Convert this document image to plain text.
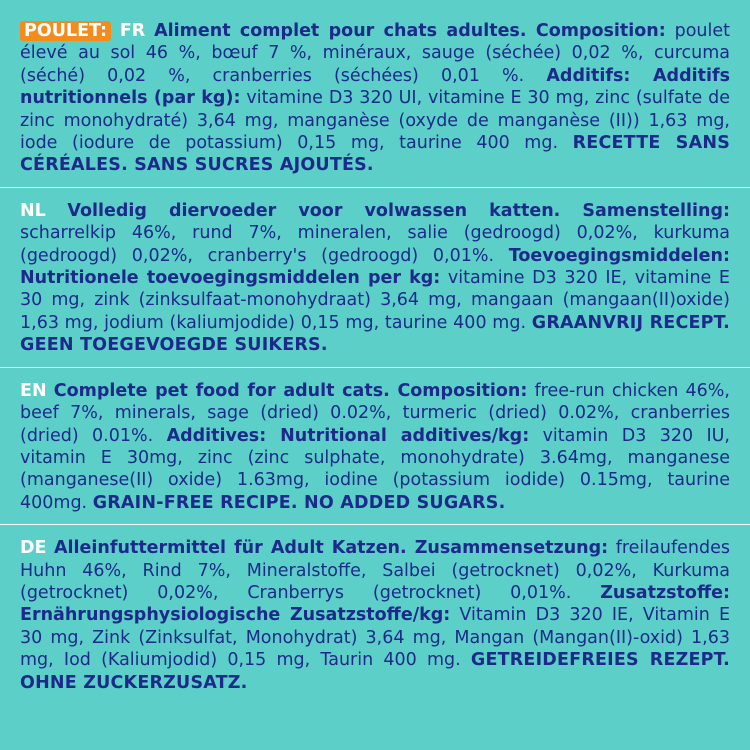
POULET: FR Aliment complet pour chats adultes. Composition: poulet élevé au sol 46 %, bœuf 7 %, minéraux, sauge (séchée) 0,02 %, curcuma (séché) 0,02 %, cranberries (séchées) 0,01 %. Additifs: Additifs nutritionnels (par kg): vitamine D3 320 UI, vitamine E 30 mg, zinc (sulfate de zinc monohydraté) 3,64 mg, manganèse (oxyde de manganèse (II)) 1,63 mg, iode (iodure de potassium) 0,15 mg, taurine 400 mg. RECETTE SANS CÉRÉALES. SANS SUCRES AJOUTÉS.
NL Volledig diervoeder voor volwassen katten. Samenstelling: scharrelkip 46%, rund 7%, mineralen, salie (gedroogd) 0,02%, kurkuma (gedroogd) 0,02%, cranberry's (gedroogd) 0,01%. Toevoegingsmiddelen: Nutritionele toevoegingsmiddelen per kg: vitamine D3 320 IE, vitamine E 30 mg, zink (zinksulfaat-monohydraat) 3,64 mg, mangaan (mangaan(II)oxide) 1,63 mg, jodium (kaliumjodide) 0,15 mg, taurine 400 mg. GRAANVRIJ RECEPT. GEEN TOEGEVOEGDE SUIKERS.
EN Complete pet food for adult cats. Composition: free-run chicken 46%, beef 7%, minerals, sage (dried) 0.02%, turmeric (dried) 0.02%, cranberries (dried) 0.01%. Additives: Nutritional additives/kg: vitamin D3 320 IU, vitamin E 30mg, zinc (zinc sulphate, monohydrate) 3.64mg, manganese (manganese(II) oxide) 1.63mg, iodine (potassium iodide) 0.15mg, taurine 400mg. GRAIN-FREE RECIPE. NO ADDED SUGARS.
DE Alleinfuttermittel für Adult Katzen. Zusammensetzung: freilaufendes Huhn 46%, Rind 7%, Mineralstoffe, Salbei (getrocknet) 0,02%, Kurkuma (getrocknet) 0,02%, Cranberrys (getrocknet) 0,01%. Zusatzstoffe: Ernährungsphysiologische Zusatzstoffe/kg: Vitamin D3 320 IE, Vitamin E 30 mg, Zink (Zinksulfat, Monohydrat) 3,64 mg, Mangan (Mangan(II)-oxid) 1,63 mg, Iod (Kaliumjodid) 0,15 mg, Taurin 400 mg. GETREIDEFREIES REZEPT. OHNE ZUCKERZUSATZ.
